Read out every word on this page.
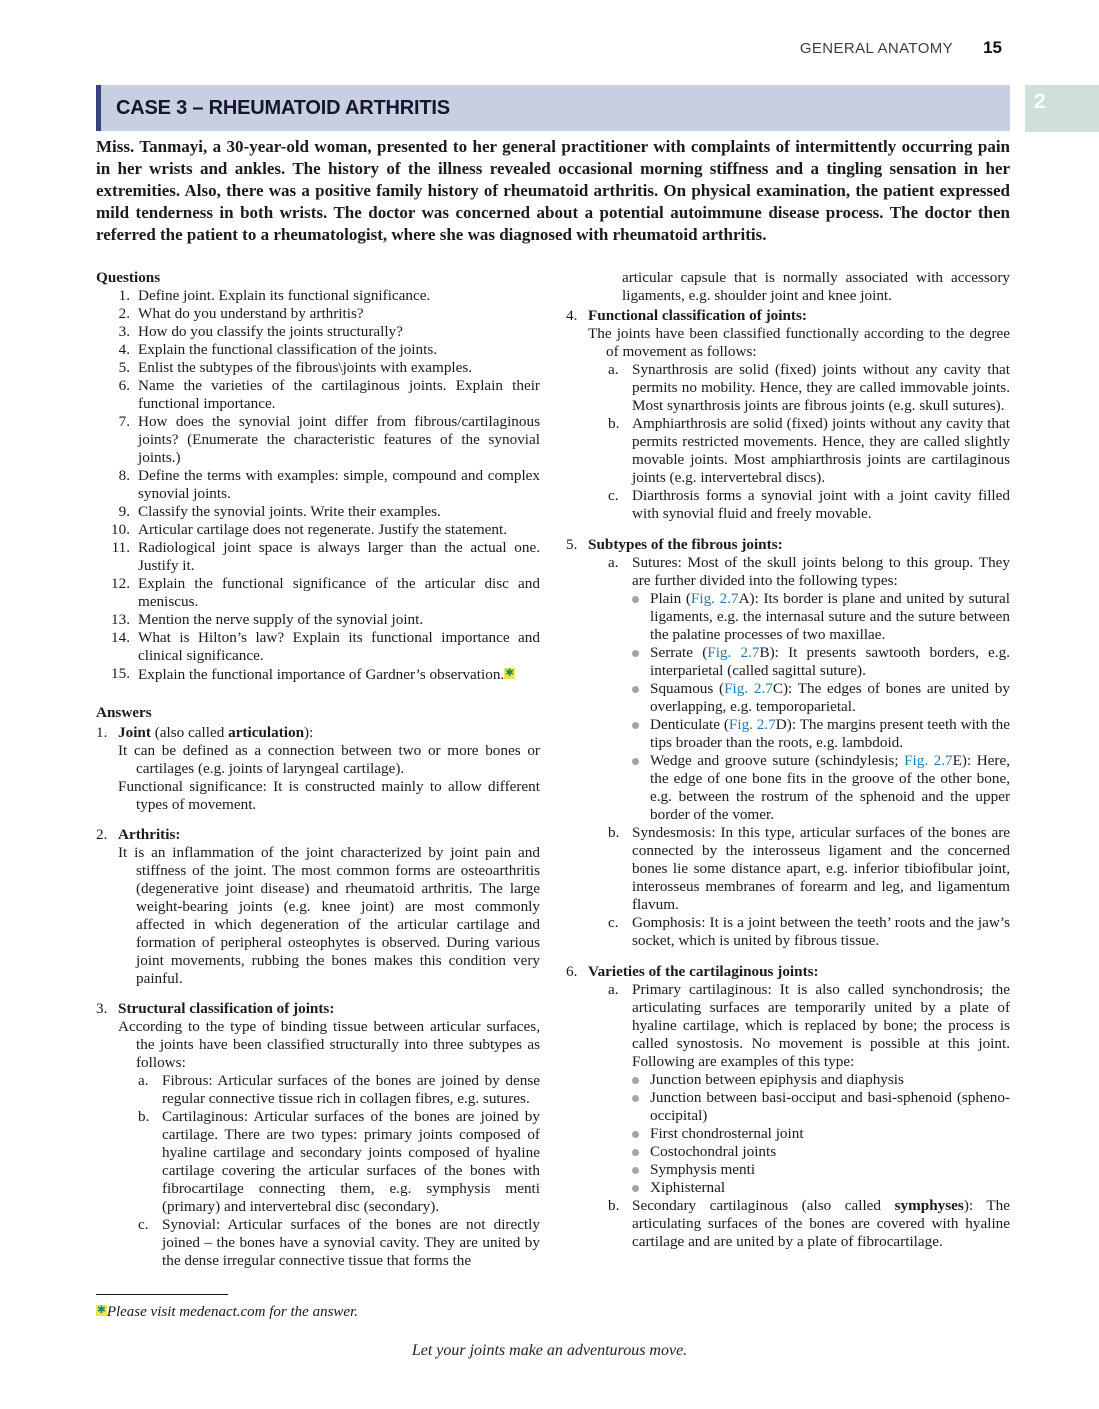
GENERAL ANATOMY 15
CASE 3 – RHEUMATOID ARTHRITIS	2
Miss. Tanmayi, a 30-year-old woman, presented to her general practitioner with complaints of intermittently occurring pain in her wrists and ankles. The history of the illness revealed occasional morning stiffness and a tingling sensation in her extremities. Also, there was a positive family history of rheumatoid arthritis. On physical examination, the patient expressed mild tenderness in both wrists. The doctor was concerned about a potential autoimmune disease process. The doctor then referred the patient to a rheumatologist, where she was diagnosed with rheumatoid arthritis.
Questions
1. Define joint. Explain its functional significance.
2. What do you understand by arthritis?
3. How do you classify the joints structurally?
4. Explain the functional classification of the joints.
5. Enlist the subtypes of the fibrous\joints with examples.
6. Name the varieties of the cartilaginous joints. Explain their functional importance.
7. How does the synovial joint differ from fibrous/cartilaginous joints? (Enumerate the characteristic features of the synovial joints.)
8. Define the terms with examples: simple, compound and complex synovial joints.
9. Classify the synovial joints. Write their examples.
10. Articular cartilage does not regenerate. Justify the statement.
11. Radiological joint space is always larger than the actual one. Justify it.
12. Explain the functional significance of the articular disc and meniscus.
13. Mention the nerve supply of the synovial joint.
14. What is Hilton’s law? Explain its functional importance and clinical significance.
15. Explain the functional importance of Gardner’s observation.✱
Answers
1. Joint (also called articulation):

It can be defined as a connection between two or more bones or cartilages (e.g. joints of laryngeal cartilage).

Functional significance: It is constructed mainly to allow different types of movement.

2. Arthritis:

It is an inflammation of the joint characterized by joint pain and stiffness of the joint. The most common forms are osteoarthritis (degenerative joint disease) and rheumatoid arthritis. The large weight-bearing joints (e.g. knee joint) are most commonly affected in which degeneration of the articular cartilage and formation of peripheral osteophytes is observed. During various joint movements, rubbing the bones makes this condition very painful.

3. Structural classification of joints:

According to the type of binding tissue between articular surfaces, the joints have been classified structurally into three subtypes as follows:

a. Fibrous: Articular surfaces of the bones are joined by dense regular connective tissue rich in collagen fibres, e.g. sutures.
b. Cartilaginous: Articular surfaces of the bones are joined by cartilage. There are two types: primary joints composed of hyaline cartilage and secondary joints composed of hyaline cartilage covering the articular surfaces of the bones with fibrocartilage connecting them, e.g. symphysis menti (primary) and intervertebral disc (secondary).
c. Synovial: Articular surfaces of the bones are not directly joined – the bones have a synovial cavity. They are united by the dense irregular connective tissue that forms the
✱Please visit medenact.com for the answer.
articular capsule that is normally associated with accessory ligaments, e.g. shoulder joint and knee joint.
4. Functional classification of joints:

The joints have been classified functionally according to the degree of movement as follows:

a. Synarthrosis are solid (fixed) joints without any cavity that permits no mobility. Hence, they are called immovable joints. Most synarthrosis joints are fibrous joints (e.g. skull sutures).
b. Amphiarthrosis are solid (fixed) joints without any cavity that permits restricted movements. Hence, they are called slightly movable joints. Most amphiarthrosis joints are cartilaginous joints (e.g. intervertebral discs).
c. Diarthrosis forms a synovial joint with a joint cavity filled with synovial fluid and freely movable.
5. Subtypes of the fibrous joints:
a. Sutures: Most of the skull joints belong to this group. They are further divided into the following types:
Plain (Fig. 2.7A): Its border is plane and united by sutural ligaments, e.g. the internasal suture and the suture between the palatine processes of two maxillae.
Serrate (Fig. 2.7B): It presents sawtooth borders, e.g. interparietal (called sagittal suture).
Squamous (Fig. 2.7C): The edges of bones are united by overlapping, e.g. temporoparietal.
Denticulate (Fig. 2.7D): The margins present teeth with the tips broader than the roots, e.g. lambdoid.
Wedge and groove suture (schindylesis; Fig. 2.7E): Here, the edge of one bone fits in the groove of the other bone, e.g. between the rostrum of the sphenoid and the upper border of the vomer.
b. Syndesmosis: In this type, articular surfaces of the bones are connected by the interosseus ligament and the concerned bones lie some distance apart, e.g. inferior tibiofibular joint, interosseus membranes of forearm and leg, and ligamentum flavum.
c. Gomphosis: It is a joint between the teeth’ roots and the jaw’s socket, which is united by fibrous tissue.
6. Varieties of the cartilaginous joints:
a. Primary cartilaginous: It is also called synchondrosis; the articulating surfaces are temporarily united by a plate of hyaline cartilage, which is replaced by bone; the process is called synostosis. No movement is possible at this joint. Following are examples of this type:
Junction between epiphysis and diaphysis
Junction between basi-occiput and basi-sphenoid (spheno-occipital)
First chondrosternal joint
Costochondral joints
Symphysis menti
Xiphisternal
b. Secondary cartilaginous (also called symphyses): The articulating surfaces of the bones are covered with hyaline cartilage and are united by a plate of fibrocartilage.
Let your joints make an adventurous move.
